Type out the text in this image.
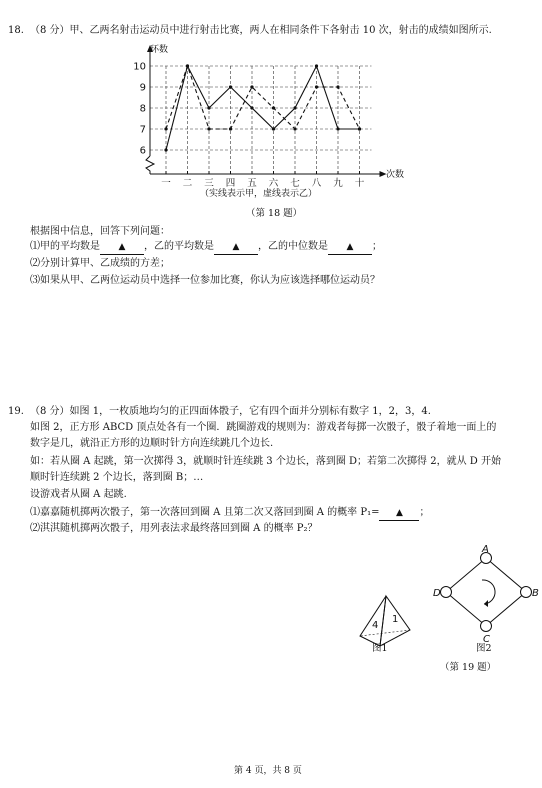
18. （8 分）甲、乙两名射击运动员中进行射击比赛，两人在相同条件下各射击 10 次，射击的成绩如图所示.
6
7
8
9
10
一 二 三 四 五 六 七 八 九 十
环数
次数
（实线表示甲，虚线表示乙）
（第 18 题）
根据图中信息，回答下列问题：
⑴甲的平均数是 ▲ ，乙的平均数是 ▲ ，乙的中位数是 ▲ ；
⑵分别计算甲、乙成绩的方差；
⑶如果从甲、乙两位运动员中选择一位参加比赛，你认为应该选择哪位运动员？
19. （8 分）如图 1，一枚质地均匀的正四面体骰子，它有四个面并分别标有数字 1，2，3，4.
如图 2，正方形 ABCD 顶点处各有一个圈．跳圈游戏的规则为：游戏者每掷一次骰子，骰子着地一面上的
数字是几，就沿正方形的边顺时针方向连续跳几个边长.
如：若从圈 A 起跳，第一次掷得 3，就顺时针连续跳 3 个边长，落到圈 D；若第二次掷得 2，就从 D 开始
顺时针连续跳 2 个边长，落到圈 B；…
设游戏者从圈 A 起跳.
⑴嘉嘉随机掷两次骰子，第一次落回到圈 A 且第二次又落回到圈 A 的概率 P₁= ▲ ；
⑵淇淇随机掷两次骰子，用列表法求最终落回到圈 A 的概率 P₂？
4
1
图1
A
B
C
D
图2
（第 19 题）
第 4 页，共 8 页
